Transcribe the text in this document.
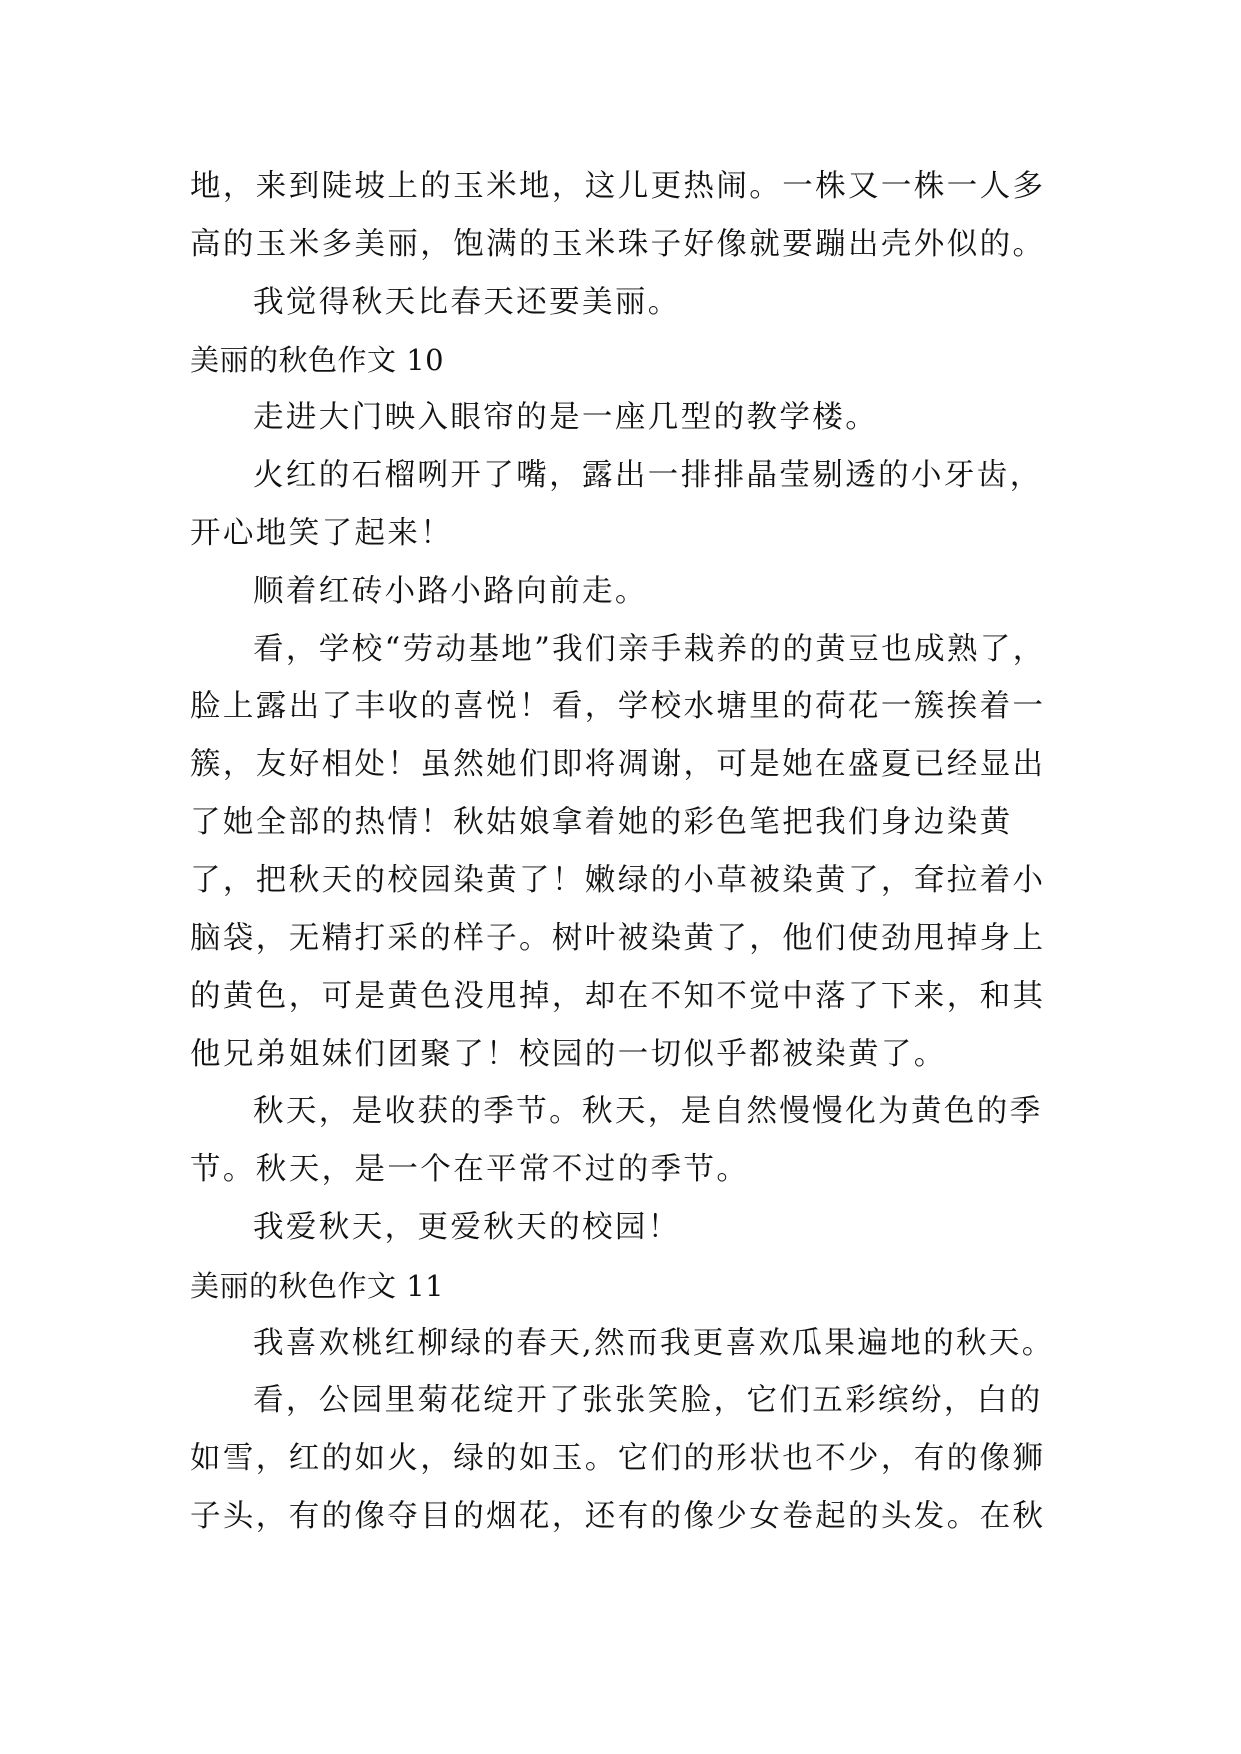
地，来到陡坡上的玉米地，这儿更热闹。一株又一株一人多
高的玉米多美丽，饱满的玉米珠子好像就要蹦出壳外似的。
我觉得秋天比春天还要美丽。
美丽的秋色作文 10
走进大门映入眼帘的是一座几型的教学楼。
火红的石榴咧开了嘴，露出一排排晶莹剔透的小牙齿，
开心地笑了起来！
顺着红砖小路小路向前走。
看，学校“劳动基地”我们亲手栽养的的黄豆也成熟了，
脸上露出了丰收的喜悦！看，学校水塘里的荷花一簇挨着一
簇，友好相处！虽然她们即将凋谢，可是她在盛夏已经显出
了她全部的热情！秋姑娘拿着她的彩色笔把我们身边染黄
了，把秋天的校园染黄了！嫩绿的小草被染黄了，耷拉着小
脑袋，无精打采的样子。树叶被染黄了，他们使劲甩掉身上
的黄色，可是黄色没甩掉，却在不知不觉中落了下来，和其
他兄弟姐妹们团聚了！校园的一切似乎都被染黄了。
秋天，是收获的季节。秋天，是自然慢慢化为黄色的季
节。秋天，是一个在平常不过的季节。
我爱秋天，更爱秋天的校园！
美丽的秋色作文 11
我喜欢桃红柳绿的春天,然而我更喜欢瓜果遍地的秋天。
看，公园里菊花绽开了张张笑脸，它们五彩缤纷，白的
如雪，红的如火，绿的如玉。它们的形状也不少，有的像狮
子头，有的像夺目的烟花，还有的像少女卷起的头发。在秋
